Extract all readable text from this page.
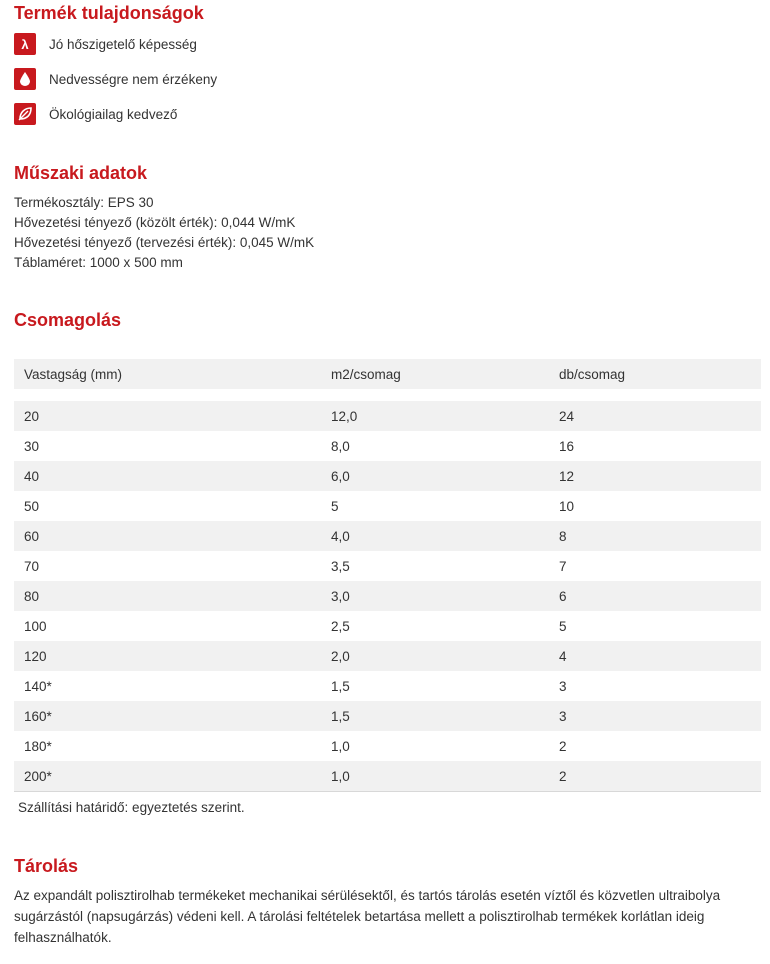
Termék tulajdonságok
λ	Jó hőszigetelő képesség
Nedvességre nem érzékeny
Ökológiailag kedvező
Műszaki adatok
Termékosztály: EPS 30
Hővezetési tényező (közölt érték): 0,044 W/mK
Hővezetési tényező (tervezési érték): 0,045 W/mK
Táblaméret: 1000 x 500 mm
Csomagolás
Vastagság (mm)	m2/csomag	db/csomag

20	12,0	24
30	8,0	16
40	6,0	12
50	5	10
60	4,0	8
70	3,5	7
80	3,0	6
100	2,5	5
120	2,0	4
140*	1,5	3
160*	1,5	3
180*	1,0	2
200*	1,0	2
Szállítási határidő: egyeztetés szerint.
Tárolás
Az expandált polisztirolhab termékeket mechanikai sérülésektől, és tartós tárolás esetén víztől és közvetlen ultraibolya sugárzástól (napsugárzás) védeni kell. A tárolási feltételek betartása mellett a polisztirolhab termékek korlátlan ideig felhasználhatók.
